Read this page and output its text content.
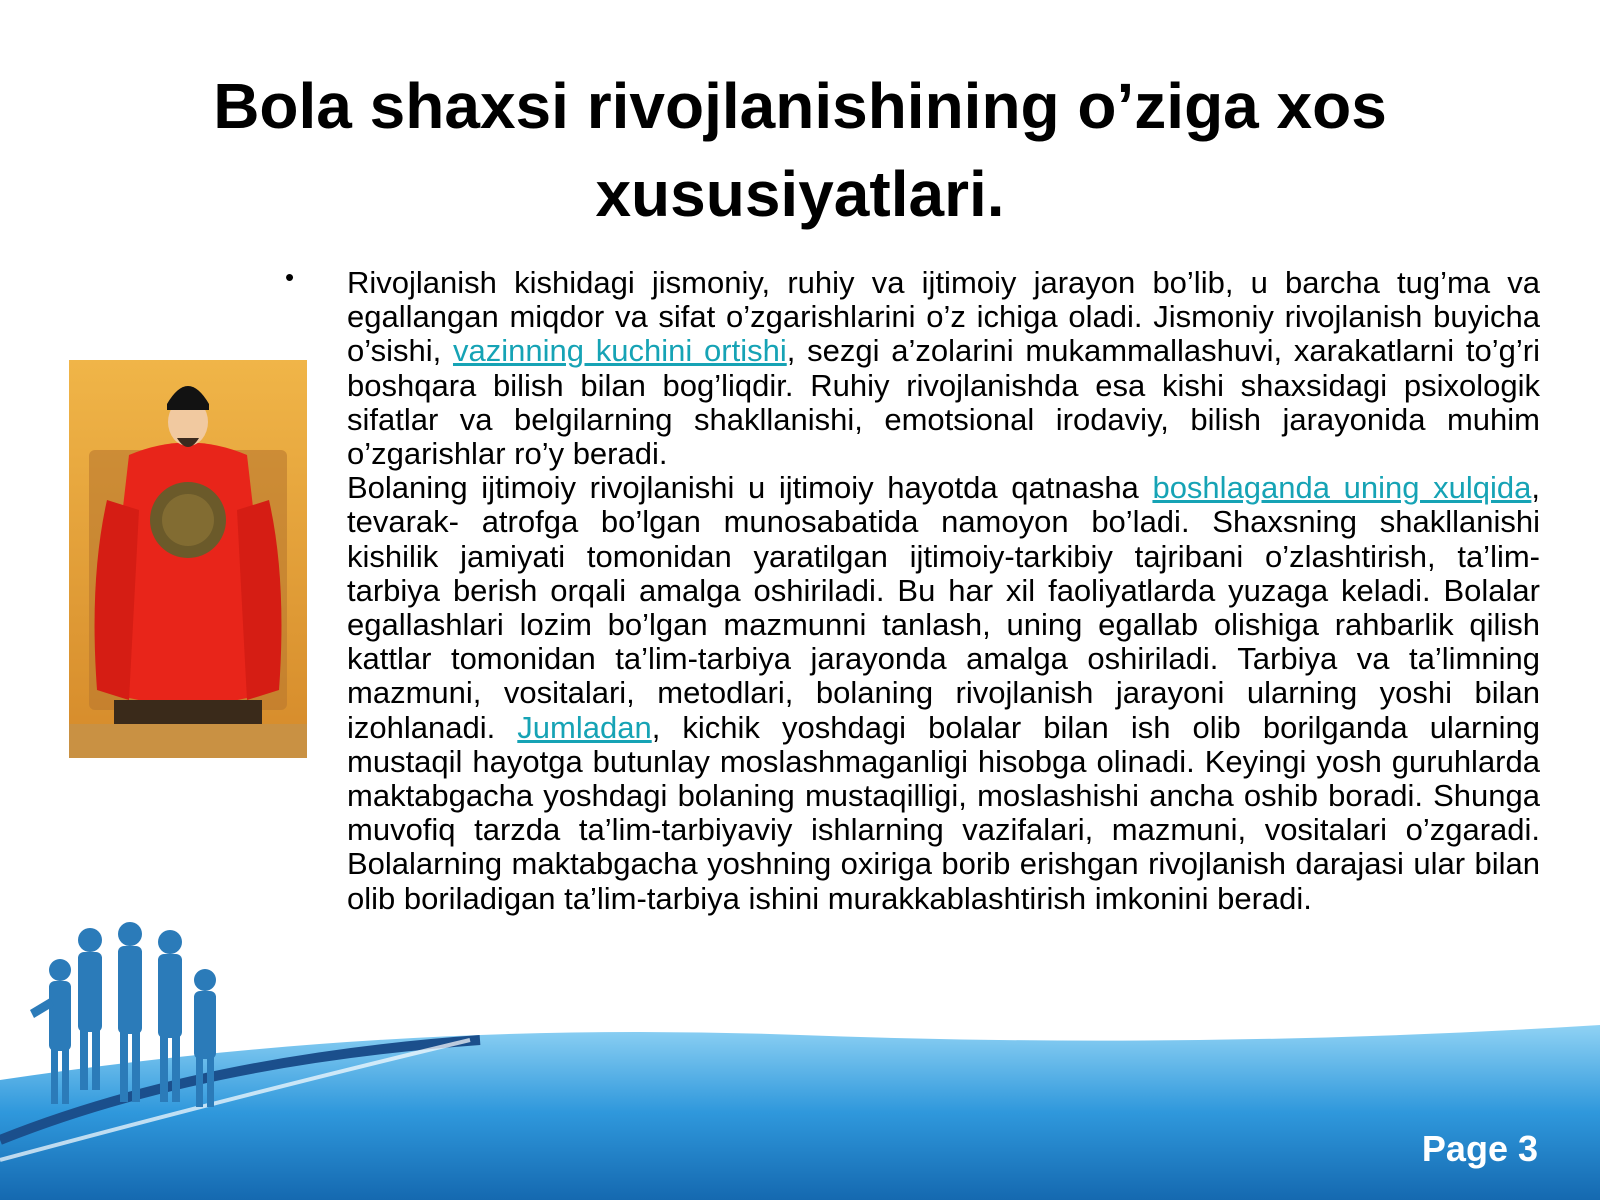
Bola shaxsi rivojlanishining o’ziga xos xususiyatlari.
• Rivojlanish kishidagi jismoniy, ruhiy va ijtimoiy jarayon bo’lib, u barcha tug’ma va egallangan miqdor va sifat o’zgarishlarini o’z ichiga oladi. Jismoniy rivojlanish buyicha o’sishi, vazinning kuchini ortishi, sezgi a’zolarini mukammallashuvi, xarakatlarni to’g’ri boshqara bilish bilan bog’liqdir. Ruhiy rivojlanishda esa kishi shaxsidagi psixologik sifatlar va belgilarning shakllanishi, emotsional irodaviy, bilish jarayonida muhim o’zgarishlar ro’y beradi.

Bolaning ijtimoiy rivojlanishi u ijtimoiy hayotda qatnasha boshlaganda uning xulqida, tevarak- atrofga bo’lgan munosabatida namoyon bo’ladi. Shaxsning shakllanishi kishilik jamiyati tomonidan yaratilgan ijtimoiy-tarkibiy tajribani o’zlashtirish, ta’lim-tarbiya berish orqali amalga oshiriladi. Bu har xil faoliyatlarda yuzaga keladi. Bolalar egallashlari lozim bo’lgan mazmunni tanlash, uning egallab olishiga rahbarlik qilish kattlar tomonidan ta’lim-tarbiya jarayonda amalga oshiriladi. Tarbiya va ta’limning mazmuni, vositalari, metodlari, bolaning rivojlanish jarayoni ularning yoshi bilan izohlanadi. Jumladan, kichik yoshdagi bolalar bilan ish olib borilganda ularning mustaqil hayotga butunlay moslashmaganligi hisobga olinadi. Keyingi yosh guruhlarda maktabgacha yoshdagi bolaning mustaqilligi, moslashishi ancha oshib boradi. Shunga muvofiq tarzda ta’lim-tarbiyaviy ishlarning vazifalari, mazmuni, vositalari o’zgaradi. Bolalarning maktabgacha yoshning oxiriga borib erishgan rivojlanish darajasi ular bilan olib boriladigan ta’lim-tarbiya ishini murakkablashtirish imkonini beradi.

Page 3
